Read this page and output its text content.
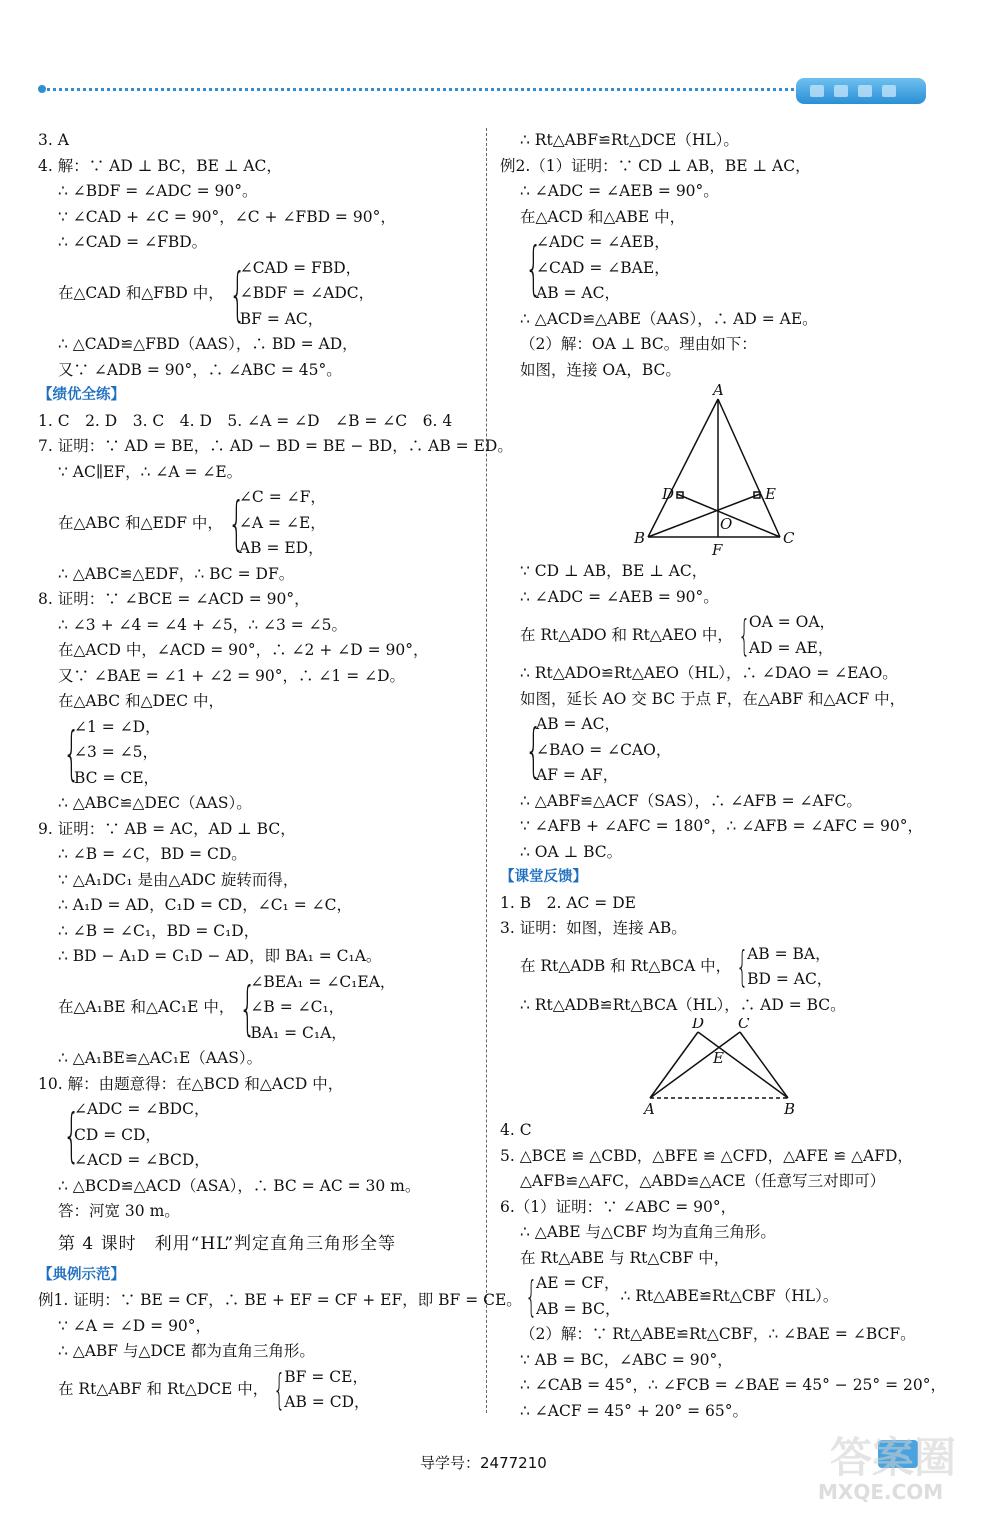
3. A
4. 解：∵ AD ⊥ BC，BE ⊥ AC，
∴ ∠BDF = ∠ADC = 90°。
∵ ∠CAD + ∠C = 90°，∠C + ∠FBD = 90°，
∴ ∠CAD = ∠FBD。
在△CAD 和△FBD 中， {
∠CAD = FBD，
∠BDF = ∠ADC，
BF = AC，
∴ △CAD≌△FBD（AAS），∴ BD = AD，
又∵ ∠ADB = 90°，∴ ∠ABC = 45°。
【绩优全练】
1. C　2. D　3. C　4. D　5. ∠A = ∠D　∠B = ∠C　6. 4
7. 证明：∵ AD = BE，∴ AD − BD = BE − BD，∴ AB = ED。
∵ AC∥EF，∴ ∠A = ∠E。
在△ABC 和△EDF 中， {
∠C = ∠F，
∠A = ∠E，
AB = ED，
∴ △ABC≌△EDF，∴ BC = DF。
8. 证明：∵ ∠BCE = ∠ACD = 90°，
∴ ∠3 + ∠4 = ∠4 + ∠5，∴ ∠3 = ∠5。
在△ACD 中，∠ACD = 90°，∴ ∠2 + ∠D = 90°，
又∵ ∠BAE = ∠1 + ∠2 = 90°，∴ ∠1 = ∠D。
在△ABC 和△DEC 中，
{
∠1 = ∠D，
∠3 = ∠5，
BC = CE，
∴ △ABC≌△DEC（AAS）。
9. 证明：∵ AB = AC，AD ⊥ BC，
∴ ∠B = ∠C，BD = CD。
∵ △A₁DC₁ 是由△ADC 旋转而得，
∴ A₁D = AD，C₁D = CD，∠C₁ = ∠C，
∴ ∠B = ∠C₁，BD = C₁D，
∴ BD − A₁D = C₁D − AD，即 BA₁ = C₁A。
在△A₁BE 和△AC₁E 中， {
∠BEA₁ = ∠C₁EA，
∠B = ∠C₁，
BA₁ = C₁A，
∴ △A₁BE≌△AC₁E（AAS）。
10. 解：由题意得：在△BCD 和△ACD 中，
{
∠ADC = ∠BDC，
CD = CD，
∠ACD = ∠BCD，
∴ △BCD≌△ACD（ASA），∴ BC = AC = 30 m。
答：河宽 30 m。
第 4 课时　利用“HL”判定直角三角形全等
【典例示范】
例1. 证明：∵ BE = CF，∴ BE + EF = CF + EF，即 BF = CE。
∵ ∠A = ∠D = 90°，
∴ △ABF 与△DCE 都为直角三角形。
在 Rt△ABF 和 Rt△DCE 中， {
BF = CE，
AB = CD，
∴ Rt△ABF≌Rt△DCE（HL）。
例2.（1）证明：∵ CD ⊥ AB，BE ⊥ AC，
∴ ∠ADC = ∠AEB = 90°。
在△ACD 和△ABE 中，
{
∠ADC = ∠AEB，
∠CAD = ∠BAE，
AB = AC，
∴ △ACD≌△ABE（AAS），∴ AD = AE。
（2）解：OA ⊥ BC。理由如下：
如图，连接 OA，BC。
A
D	E
O
B
F
C
∵ CD ⊥ AB，BE ⊥ AC，
∴ ∠ADC = ∠AEB = 90°。
在 Rt△ADO 和 Rt△AEO 中， {
OA = OA，
AD = AE，
∴ Rt△ADO≌Rt△AEO（HL），∴ ∠DAO = ∠EAO。
如图，延长 AO 交 BC 于点 F，在△ABF 和△ACF 中，
{
AB = AC，
∠BAO = ∠CAO，
AF = AF，
∴ △ABF≌△ACF（SAS），∴ ∠AFB = ∠AFC。
∵ ∠AFB + ∠AFC = 180°，∴ ∠AFB = ∠AFC = 90°，
∴ OA ⊥ BC。
【课堂反馈】
1. B　2. AC = DE
3. 证明：如图，连接 AB。
在 Rt△ADB 和 Rt△BCA 中， {
AB = BA，
BD = AC，
∴ Rt△ADB≌Rt△BCA（HL），∴ AD = BC。
D C
E
A	B
4. C
5. △BCE ≌ △CBD，△BFE ≌ △CFD，△AFE ≌ △AFD，
△AFB≌△AFC，△ABD≌△ACE（任意写三对即可）
6.（1）证明：∵ ∠ABC = 90°，
∴ △ABE 与△CBF 均为直角三角形。
在 Rt△ABE 与 Rt△CBF 中，
{
AE = CF，
AB = BC，
∴ Rt△ABE≌Rt△CBF（HL）。
（2）解：∵ Rt△ABE≌Rt△CBF，∴ ∠BAE = ∠BCF。
∵ AB = BC，∠ABC = 90°，
∴ ∠CAB = 45°，∴ ∠FCB = ∠BAE = 45° − 25° = 20°，
∴ ∠ACF = 45° + 20° = 65°。
导学号：2477210	答案圈
MXQE.COM
